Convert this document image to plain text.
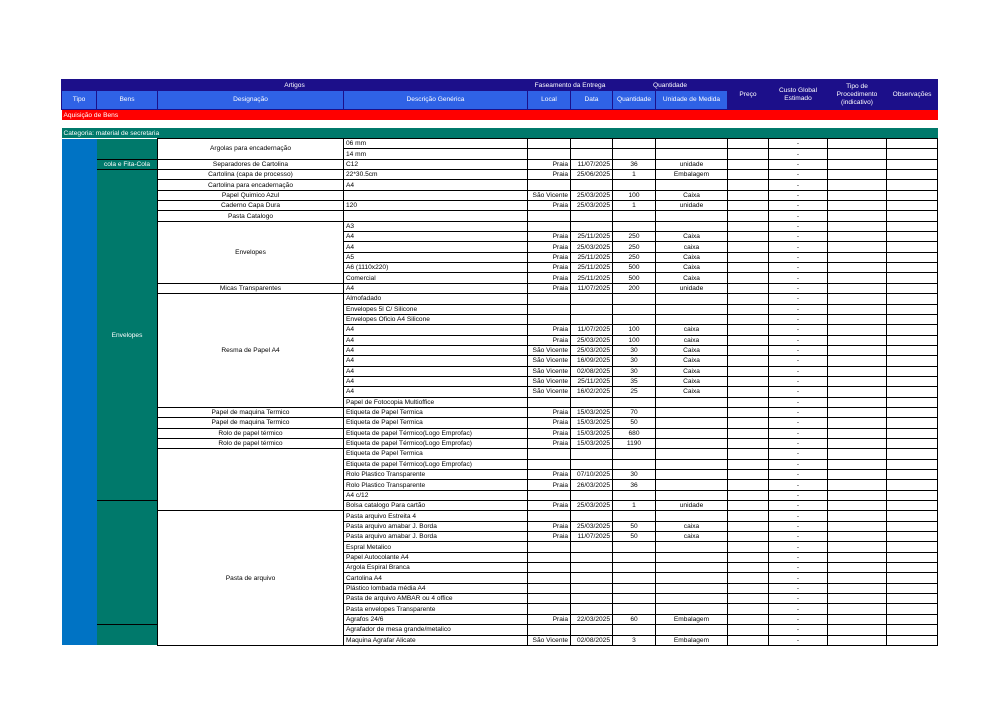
Artigos				Faseamento da Entrega		Quantidade		Preço	Custo Global Estimado	Tipo de Procedimento (indicativo)	Observações
Tipo	Bens	Designação	Descrição Genérica	Local	Data	Quantidade	Unidade de Medida				
Aquisição de Bens											

Categoria: material de secretaria											
		Argolas para encadernação	06 mm						-		
			14 mm						-		
	cola e Fita-Cola	Separadores de Cartolina	C12	Praia	11/07/2025	36	unidade		-		
	Envelopes	Cartolina (capa de processo)	22*30.5cm	Praia	25/06/2025	1	Embalagem		-		
		Cartolina para encadernação	A4						-		
		Papel Quimico Azul		São Vicente	25/03/2025	100	Caixa		-		
		Caderno Capa Dura	120	Praia	25/03/2025	1	unidade		-		
		Pasta Catalogo							-		
		Envelopes	A3						-		
			A4	Praia	25/11/2025	250	Caixa		-		
			A4	Praia	25/03/2025	250	caixa		-		
			A5	Praia	25/11/2025	250	Caixa		-		
			A6 (1110x220)	Praia	25/11/2025	500	Caixa		-		
			Comercial	Praia	25/11/2025	500	Caixa		-		
		Micas Transparentes	A4	Praia	11/07/2025	200	unidade		-		
		Resma de Papel A4	Almofadado						-		
			Envelopes 5l C/ Silicone						-		
			Envelopes Oficio A4 Silicone						-		
			A4	Praia	11/07/2025	100	caixa		-		
			A4	Praia	25/03/2025	100	caixa		-		
			A4	São Vicente	25/03/2025	30	Caixa		-		
			A4	São Vicente	16/09/2025	30	Caixa		-		
			A4	São Vicente	02/08/2025	30	Caixa		-		
			A4	São Vicente	25/11/2025	35	Caixa		-		
			A4	São Vicente	16/02/2025	25	Caixa		-		
			Papel de Fotocopia Multioffice						-		
		Papel de maquina Termico	Etiqueta de Papel Termica	Praia	15/03/2025	70			-		
		Papel de maquina Termico	Etiqueta de Papel Termica	Praia	15/03/2025	50			-		
		Rolo de papel térmico	Etiqueta de papel Térmico(Logo Emprofac)	Praia	15/03/2025	680			-		
		Rolo de papel térmico	Etiqueta de papel Térmico(Logo Emprofac)	Praia	15/03/2025	1190			-		
			Etiqueta de Papel Termica						-		
			Etiqueta de papel Térmico(Logo Emprofac)						-		
			Rolo Plastico Transparente	Praia	07/10/2025	30			-		
			Rolo Plastico Transparente	Praia	26/03/2025	36			-		
			A4 c/12						-		
			Bolsa catalogo Para cartão	Praia	25/03/2025	1	unidade		-		
		Pasta de arquivo	Pasta arquivo Estreita 4						-		
			Pasta arquivo amabar J. Borda	Praia	25/03/2025	50	caixa		-		
			Pasta arquivo amabar J. Borda	Praia	11/07/2025	50	caixa		-		
			Espral Metalico						-		
			Papel Autocolante A4						-		
			Argola Espiral Branca						-		
			Cartolina A4						-		
			Plástico lombada média A4						-		
			Pasta de arquivo AMBAR ou 4 office						-		
			Pasta envelopes Transparente						-		
			Agrafos 24/6	Praia	22/03/2025	60	Embalagem		-		
			Agrafador de mesa grande/metalico						-		
			Maquina Agrafar Alicate	São Vicente	02/08/2025	3	Embalagem		-		
